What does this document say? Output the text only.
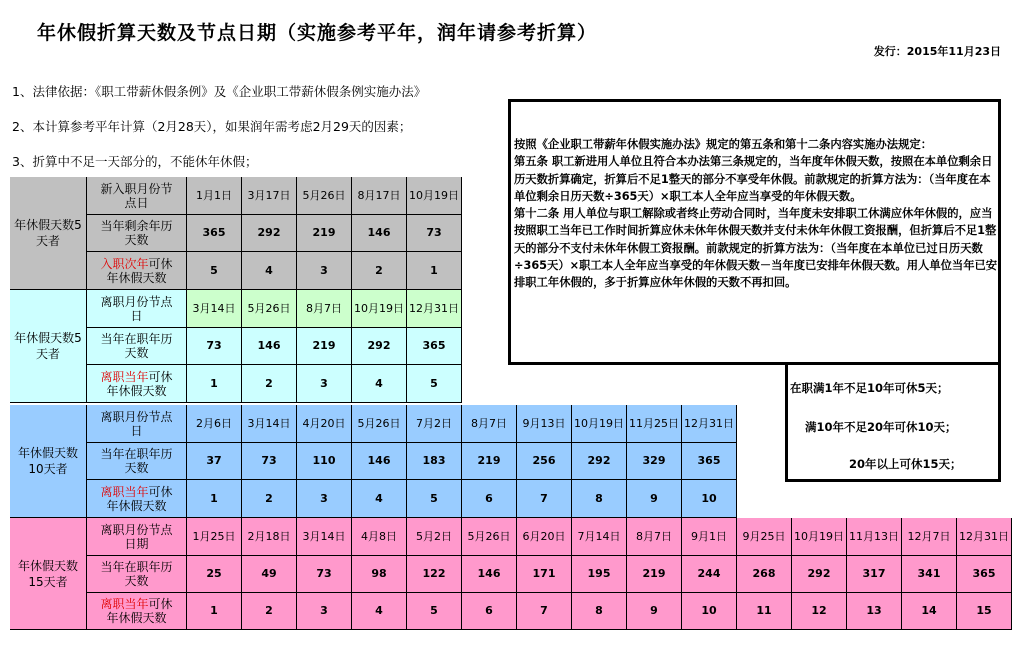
年休假折算天数及节点日期（实施参考平年，润年请参考折算）
发行：2015年11月23日
1、法律依据：《职工带薪休假条例》及《企业职工带薪休假条例实施办法》
2、本计算参考平年计算（2月28天），如果润年需考虑2月29天的因素；
3、折算中不足一天部分的，不能休年休假；

按照《企业职工带薪年休假实施办法》规定的第五条和第十二条内容实施办法规定：

第五条 职工新进用人单位且符合本办法第三条规定的，当年度年休假天数，按照在本单位剩余日历天数折算确定，折算后不足1整天的部分不享受年休假。前款规定的折算方法为：（当年度在本单位剩余日历天数÷365天）×职工本人全年应当享受的年休假天数。

第十二条 用人单位与职工解除或者终止劳动合同时，当年度未安排职工休满应休年休假的，应当按照职工当年已工作时间折算应休未休年休假天数并支付未休年休假工资报酬，但折算后不足1整天的部分不支付未休年休假工资报酬。前款规定的折算方法为：（当年度在本单位已过日历天数÷365天）×职工本人全年应当享受的年休假天数－当年度已安排年休假天数。用人单位当年已安排职工年休假的，多于折算应休年休假的天数不再扣回。

在职满1年不足10年可休5天；
满10年不足20年可休10天；
20年以上可休15天；
年休假天数5天者
新入职月份节点日
1月1日	3月17日	5月26日	8月17日 10月19日
当年剩余年历天数
365	292	219	146	73
入职次年可休年休假天数
5	4	3	2	1
年休假天数5天者
离职月份节点日
3月14日	5月26日	8月7日	10月19日 12月31日
当年在职年历天数
73	146	219	292	365
离职当年可休年休假天数
1	2	3	4	5
年休假天数10天者
离职月份节点日
2月6日	3月14日	4月20日	5月26日	7月2日	8月7日	9月13日 10月19日 11月25日 12月31日
当年在职年历天数
37	73	110	146	183	219	256	292	329	365
离职当年可休年休假天数
1	2	3	4	5	6	7	8	9	10
年休假天数15天者
离职月份节点日期
1月25日	2月18日	3月14日	4月8日	5月2日	5月26日	6月20日	7月14日	8月7日	9月1日	9月25日 10月19日 11月13日 12月7日 12月31日
当年在职年历天数
25	49	73	98	122	146	171	195	219	244	268	292	317	341	365
离职当年可休年休假天数
1	2	3	4	5	6	7	8	9	10	11	12	13	14	15
